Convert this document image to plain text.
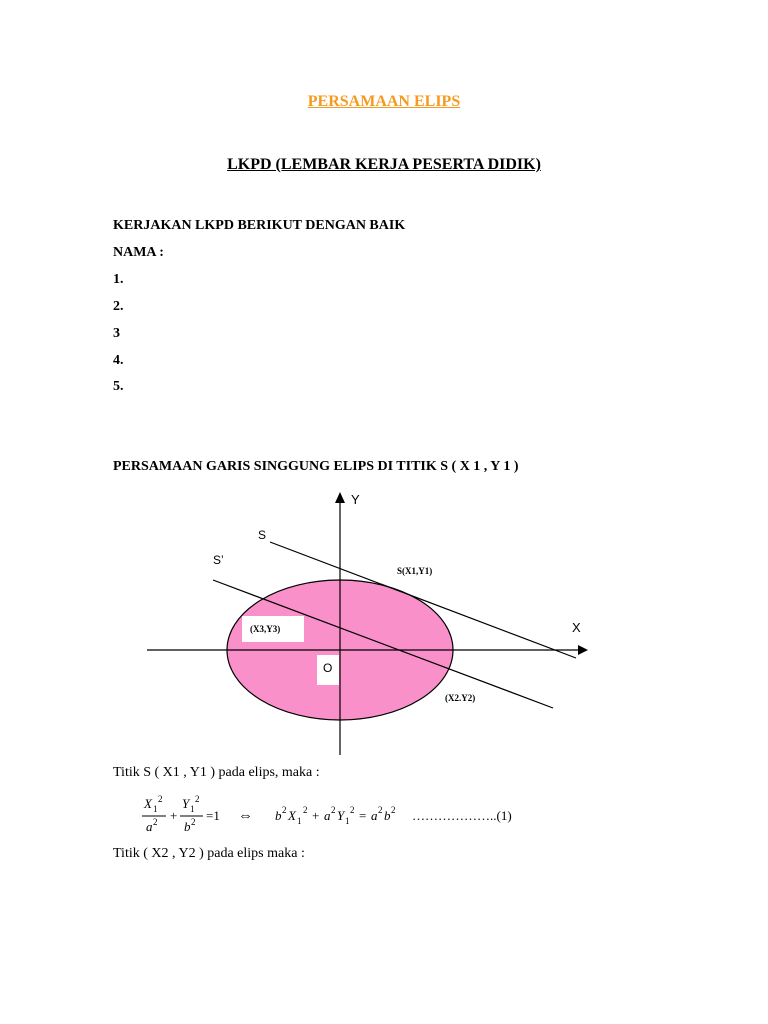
PERSAMAAN ELIPS
LKPD (LEMBAR KERJA PESERTA DIDIK)
KERJAKAN LKPD BERIKUT DENGAN BAIK
NAMA :
1.
2.
3
4.
5.
PERSAMAAN GARIS SINGGUNG ELIPS DI TITIK S ( X 1 , Y 1 )
Y
X
S
S’
S(X1,Y1)
(X3,Y3)
O
(X2.Y2)
Titik S ( X1 , Y1 ) pada elips, maka :
X 1
2
a 2 +
Y 1
2
b 2 =1 ⇔ b 2 X 1
2 + a 2 Y 1
2 = a 2 b 2 ………………..(1)
Titik ( X2 , Y2 ) pada elips maka :
